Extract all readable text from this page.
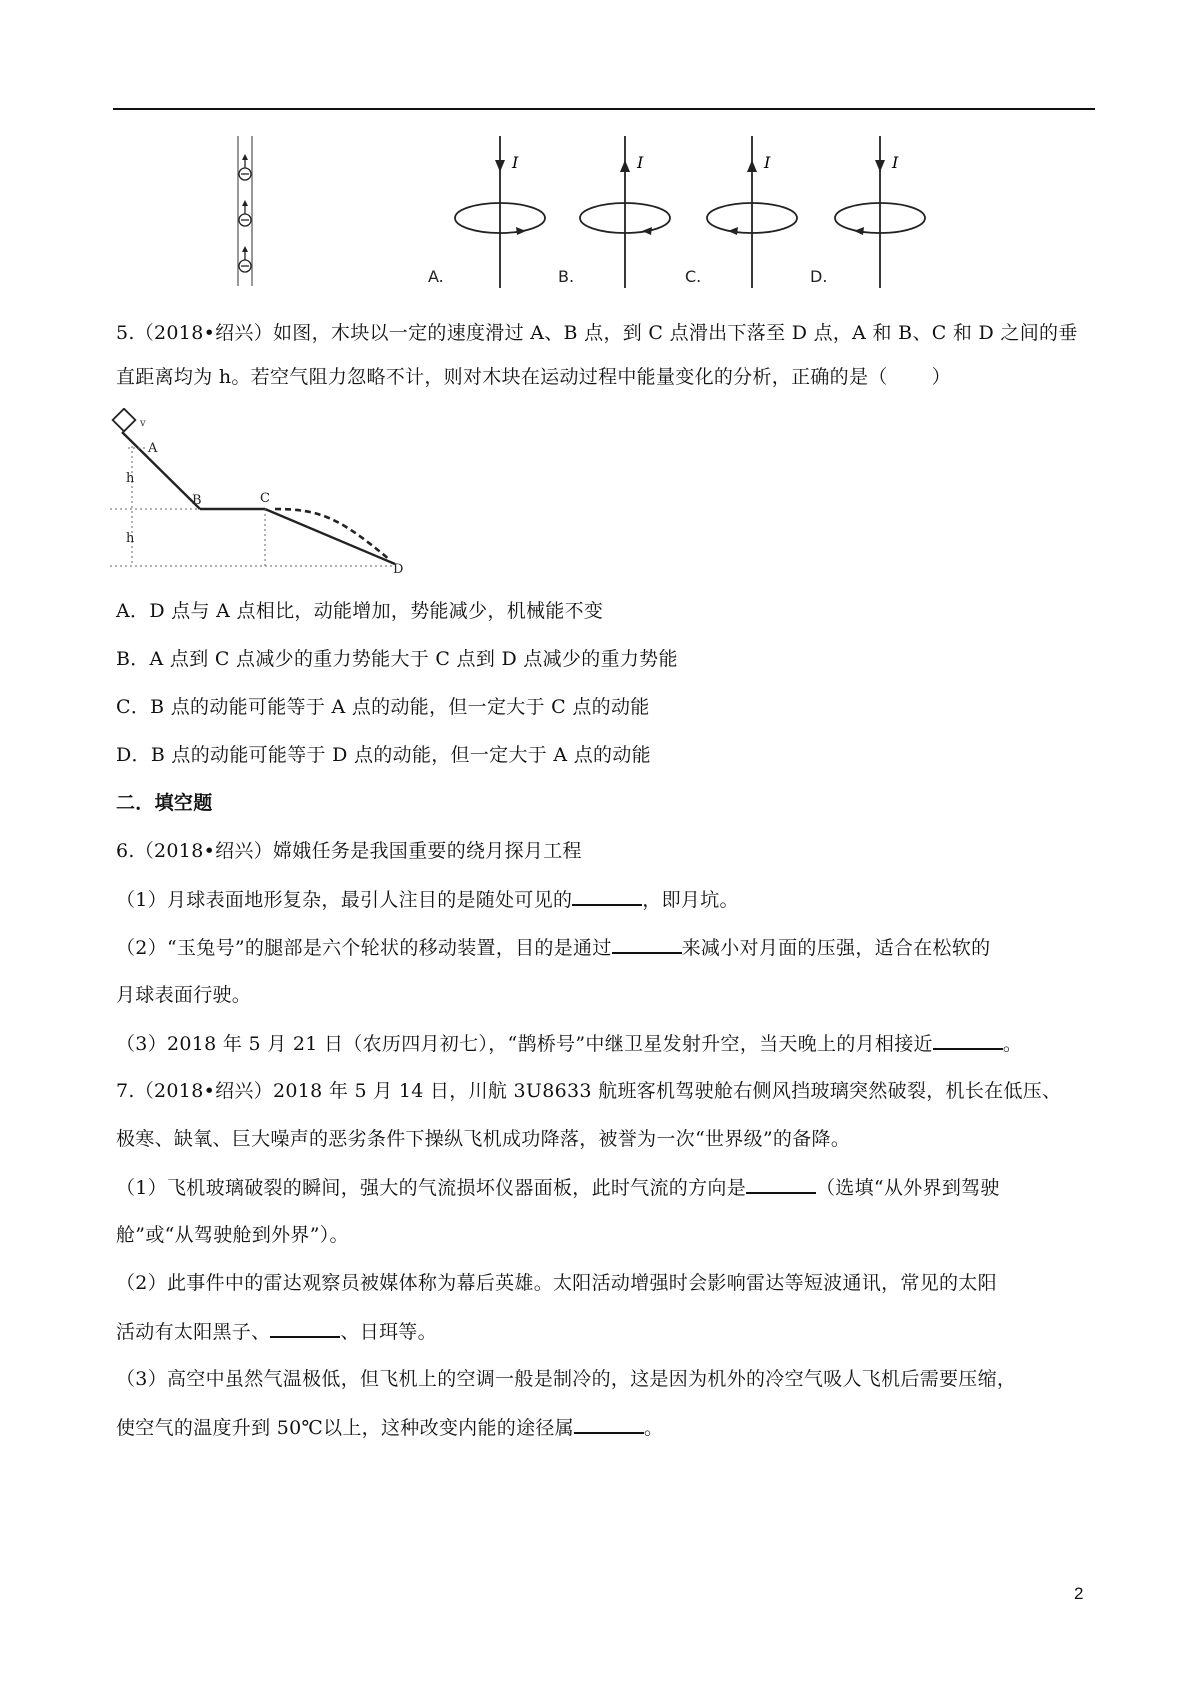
I
A.
I
B.
I
C.
I
D.
5.（2018•绍兴）如图，木块以一定的速度滑过 A、B 点，到 C 点滑出下落至 D 点，A 和 B、C 和 D 之间的垂
直距离均为 h。若空气阻力忽略不计，则对木块在运动过程中能量变化的分析，正确的是（ ）
v
h
h
A
B	C
D
A．D 点与 A 点相比，动能增加，势能减少，机械能不变
B．A 点到 C 点减少的重力势能大于 C 点到 D 点减少的重力势能
C．B 点的动能可能等于 A 点的动能，但一定大于 C 点的动能
D．B 点的动能可能等于 D 点的动能，但一定大于 A 点的动能
二．填空题
6.（2018•绍兴）嫦娥任务是我国重要的绕月探月工程
（1）月球表面地形复杂，最引人注目的是随处可见的	，即月坑。
（2）“玉兔号”的腿部是六个轮状的移动装置，目的是通过	来减小对月面的压强，适合在松软的
月球表面行驶。
（3）2018 年 5 月 21 日（农历四月初七），“鹊桥号”中继卫星发射升空，当天晚上的月相接近	。
7.（2018•绍兴）2018 年 5 月 14 日，川航 3U8633 航班客机驾驶舱右侧风挡玻璃突然破裂，机长在低压、
极寒、缺氧、巨大噪声的恶劣条件下操纵飞机成功降落，被誉为一次“世界级”的备降。
（1）飞机玻璃破裂的瞬间，强大的气流损坏仪器面板，此时气流的方向是	（选填“从外界到驾驶
舱”或“从驾驶舱到外界”）。
（2）此事件中的雷达观察员被媒体称为幕后英雄。太阳活动增强时会影响雷达等短波通讯，常见的太阳
活动有太阳黑子、	、日珥等。
（3）高空中虽然气温极低，但飞机上的空调一般是制冷的，这是因为机外的冷空气吸人飞机后需要压缩，
使空气的温度升到 50℃以上，这种改变内能的途径属	。
2
